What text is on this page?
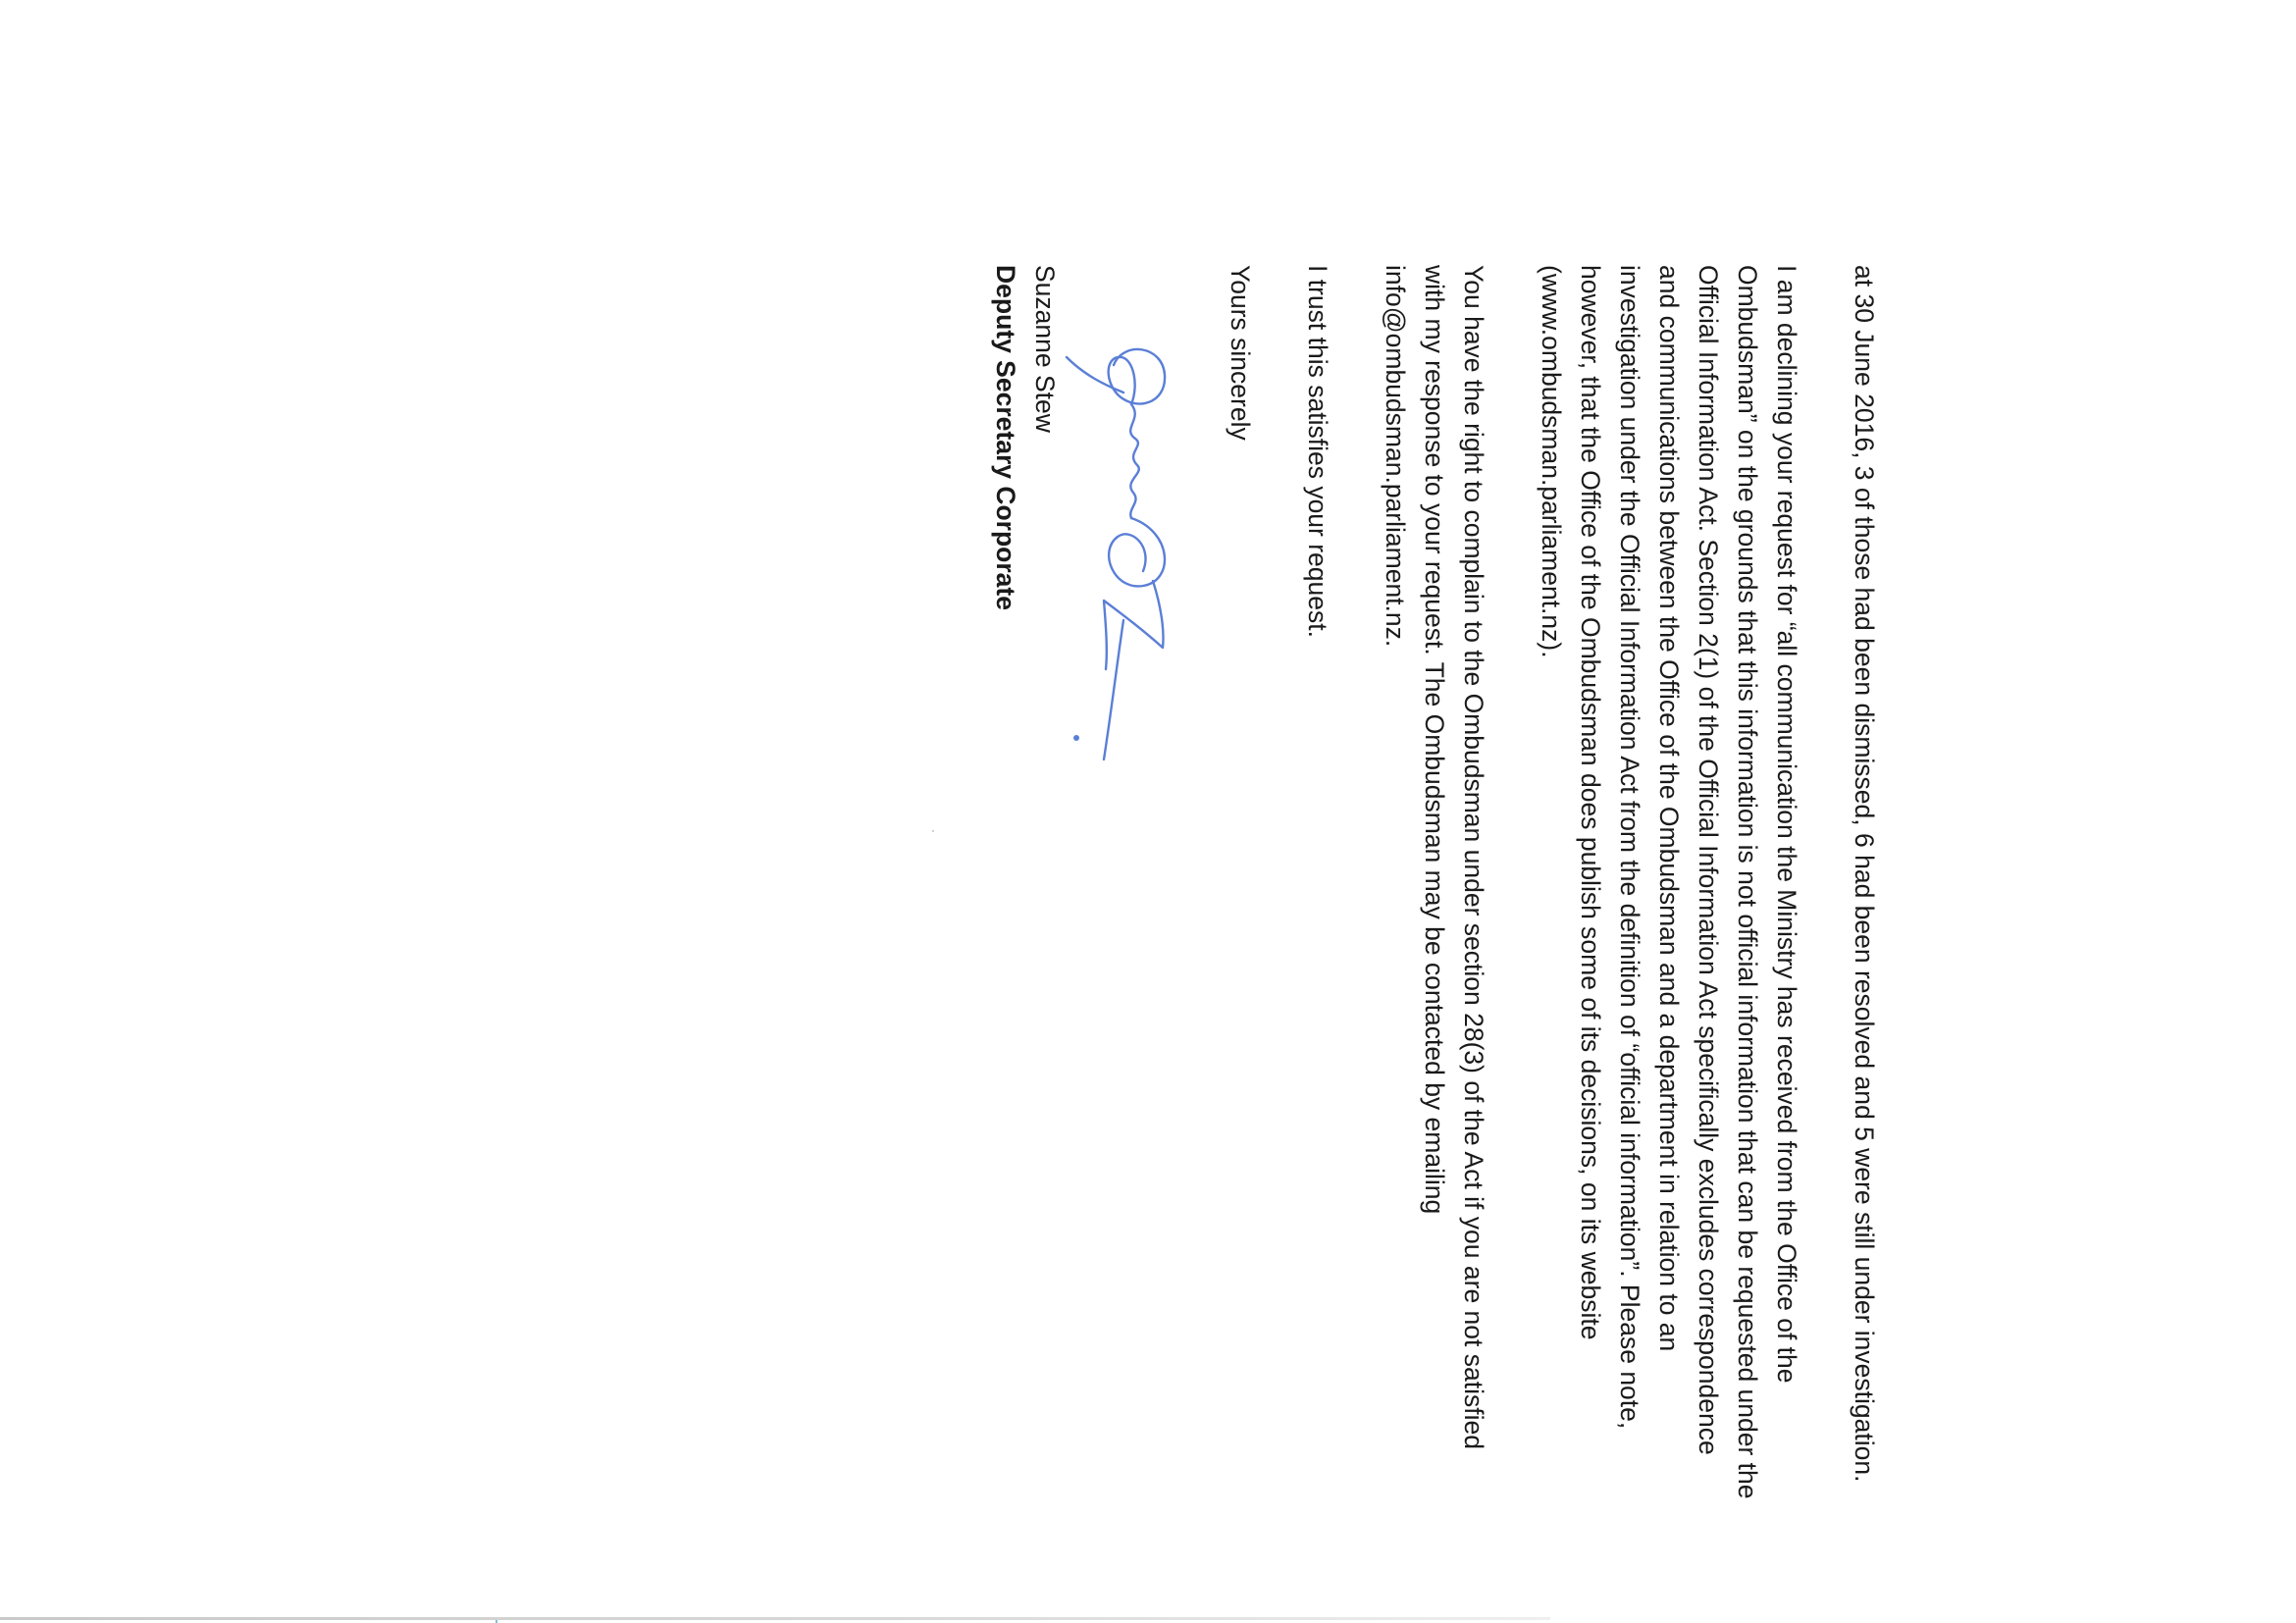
at 30 June 2016, 3 of those had been dismissed, 6 had been resolved and 5 were still under investigation.

I am declining your request for “all communication the Ministry has received from the Office of the Ombudsman” on the grounds that this information is not official information that can be requested under the Official Information Act. Section 2(1) of the Official Information Act specifically excludes correspondence and communications between the Office of the Ombudsman and a department in relation to an investigation under the Official Information Act from the definition of “official information”. Please note, however, that the Office of the Ombudsman does publish some of its decisions, on its website (www.ombudsman.parliament.nz).

You have the right to complain to the Ombudsman under section 28(3) of the Act if you are not satisfied with my response to your request. The Ombudsman may be contacted by emailing info@ombudsman.parliament.nz.

I trust this satisfies your request.

Yours sincerely

Suzanne Stew

Deputy Secretary Corporate
